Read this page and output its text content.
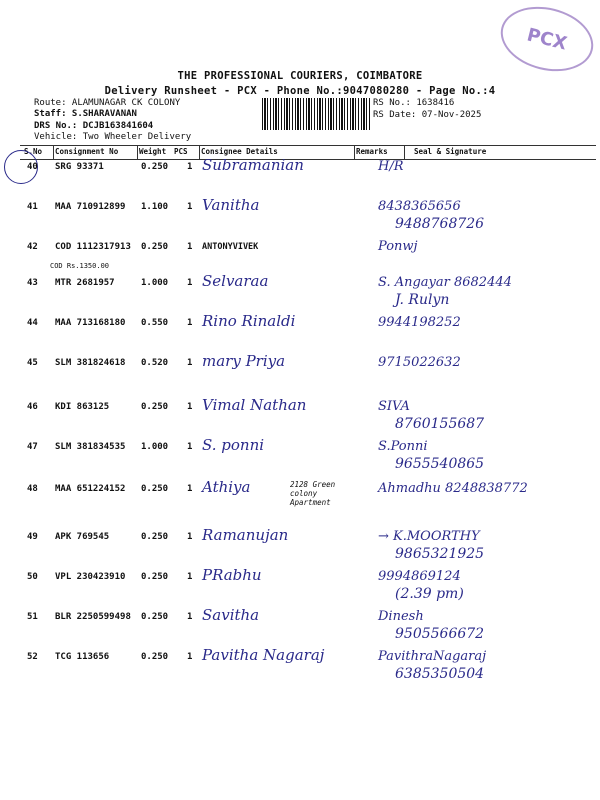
PCX
THE PROFESSIONAL COURIERS, COIMBATORE
Delivery Runsheet - PCX - Phone No.:9047080280 - Page No.:4
Route: ALAMUNAGAR CK COLONY
Staff: S.SHARAVANAN
DRS No.: DCJB163841604
Vehicle: Two Wheeler Delivery
RS No.: 1638416
RS Date: 07-Nov-2025
S.No Consignment No	Weight PCS Consignee Details	Remarks	Seal & Signature
40 SRG 93371	0.250 1 Subramanian	H/R
41 MAA 710912899 1.100 1 Vanitha	8438365656
9488768726
42 COD 1112317913 0.250 1 ANTONYVIVEK	Ponwj
COD Rs.1350.00
43 MTR 2681957	1.000 1 Selvaraa	S. Angayar 8682444
J. Rulyn
44 MAA 713168180 0.550 1 Rino Rinaldi	9944198252
45 SLM 381824618 0.520 1 mary Priya	9715022632
46 KDI 863125	0.250 1 Vimal Nathan	SIVA
8760155687
47 SLM 381834535 1.000 1 S. ponni	S.Ponni
9655540865
48 MAA 651224152 0.250 1 Athiya	Ahmadhu 8248838772
2128 Green colony Apartment
49 APK 769545	0.250 1 Ramanujan	→ K.MOORTHY
9865321925
50 VPL 230423910 0.250 1 PRabhu	9994869124
(2.39 pm)
51 BLR 2250599498 0.250 1 Savitha	Dinesh
9505566672
52 TCG 113656	0.250 1 Pavitha Nagaraj	PavithraNagaraj
6385350504
